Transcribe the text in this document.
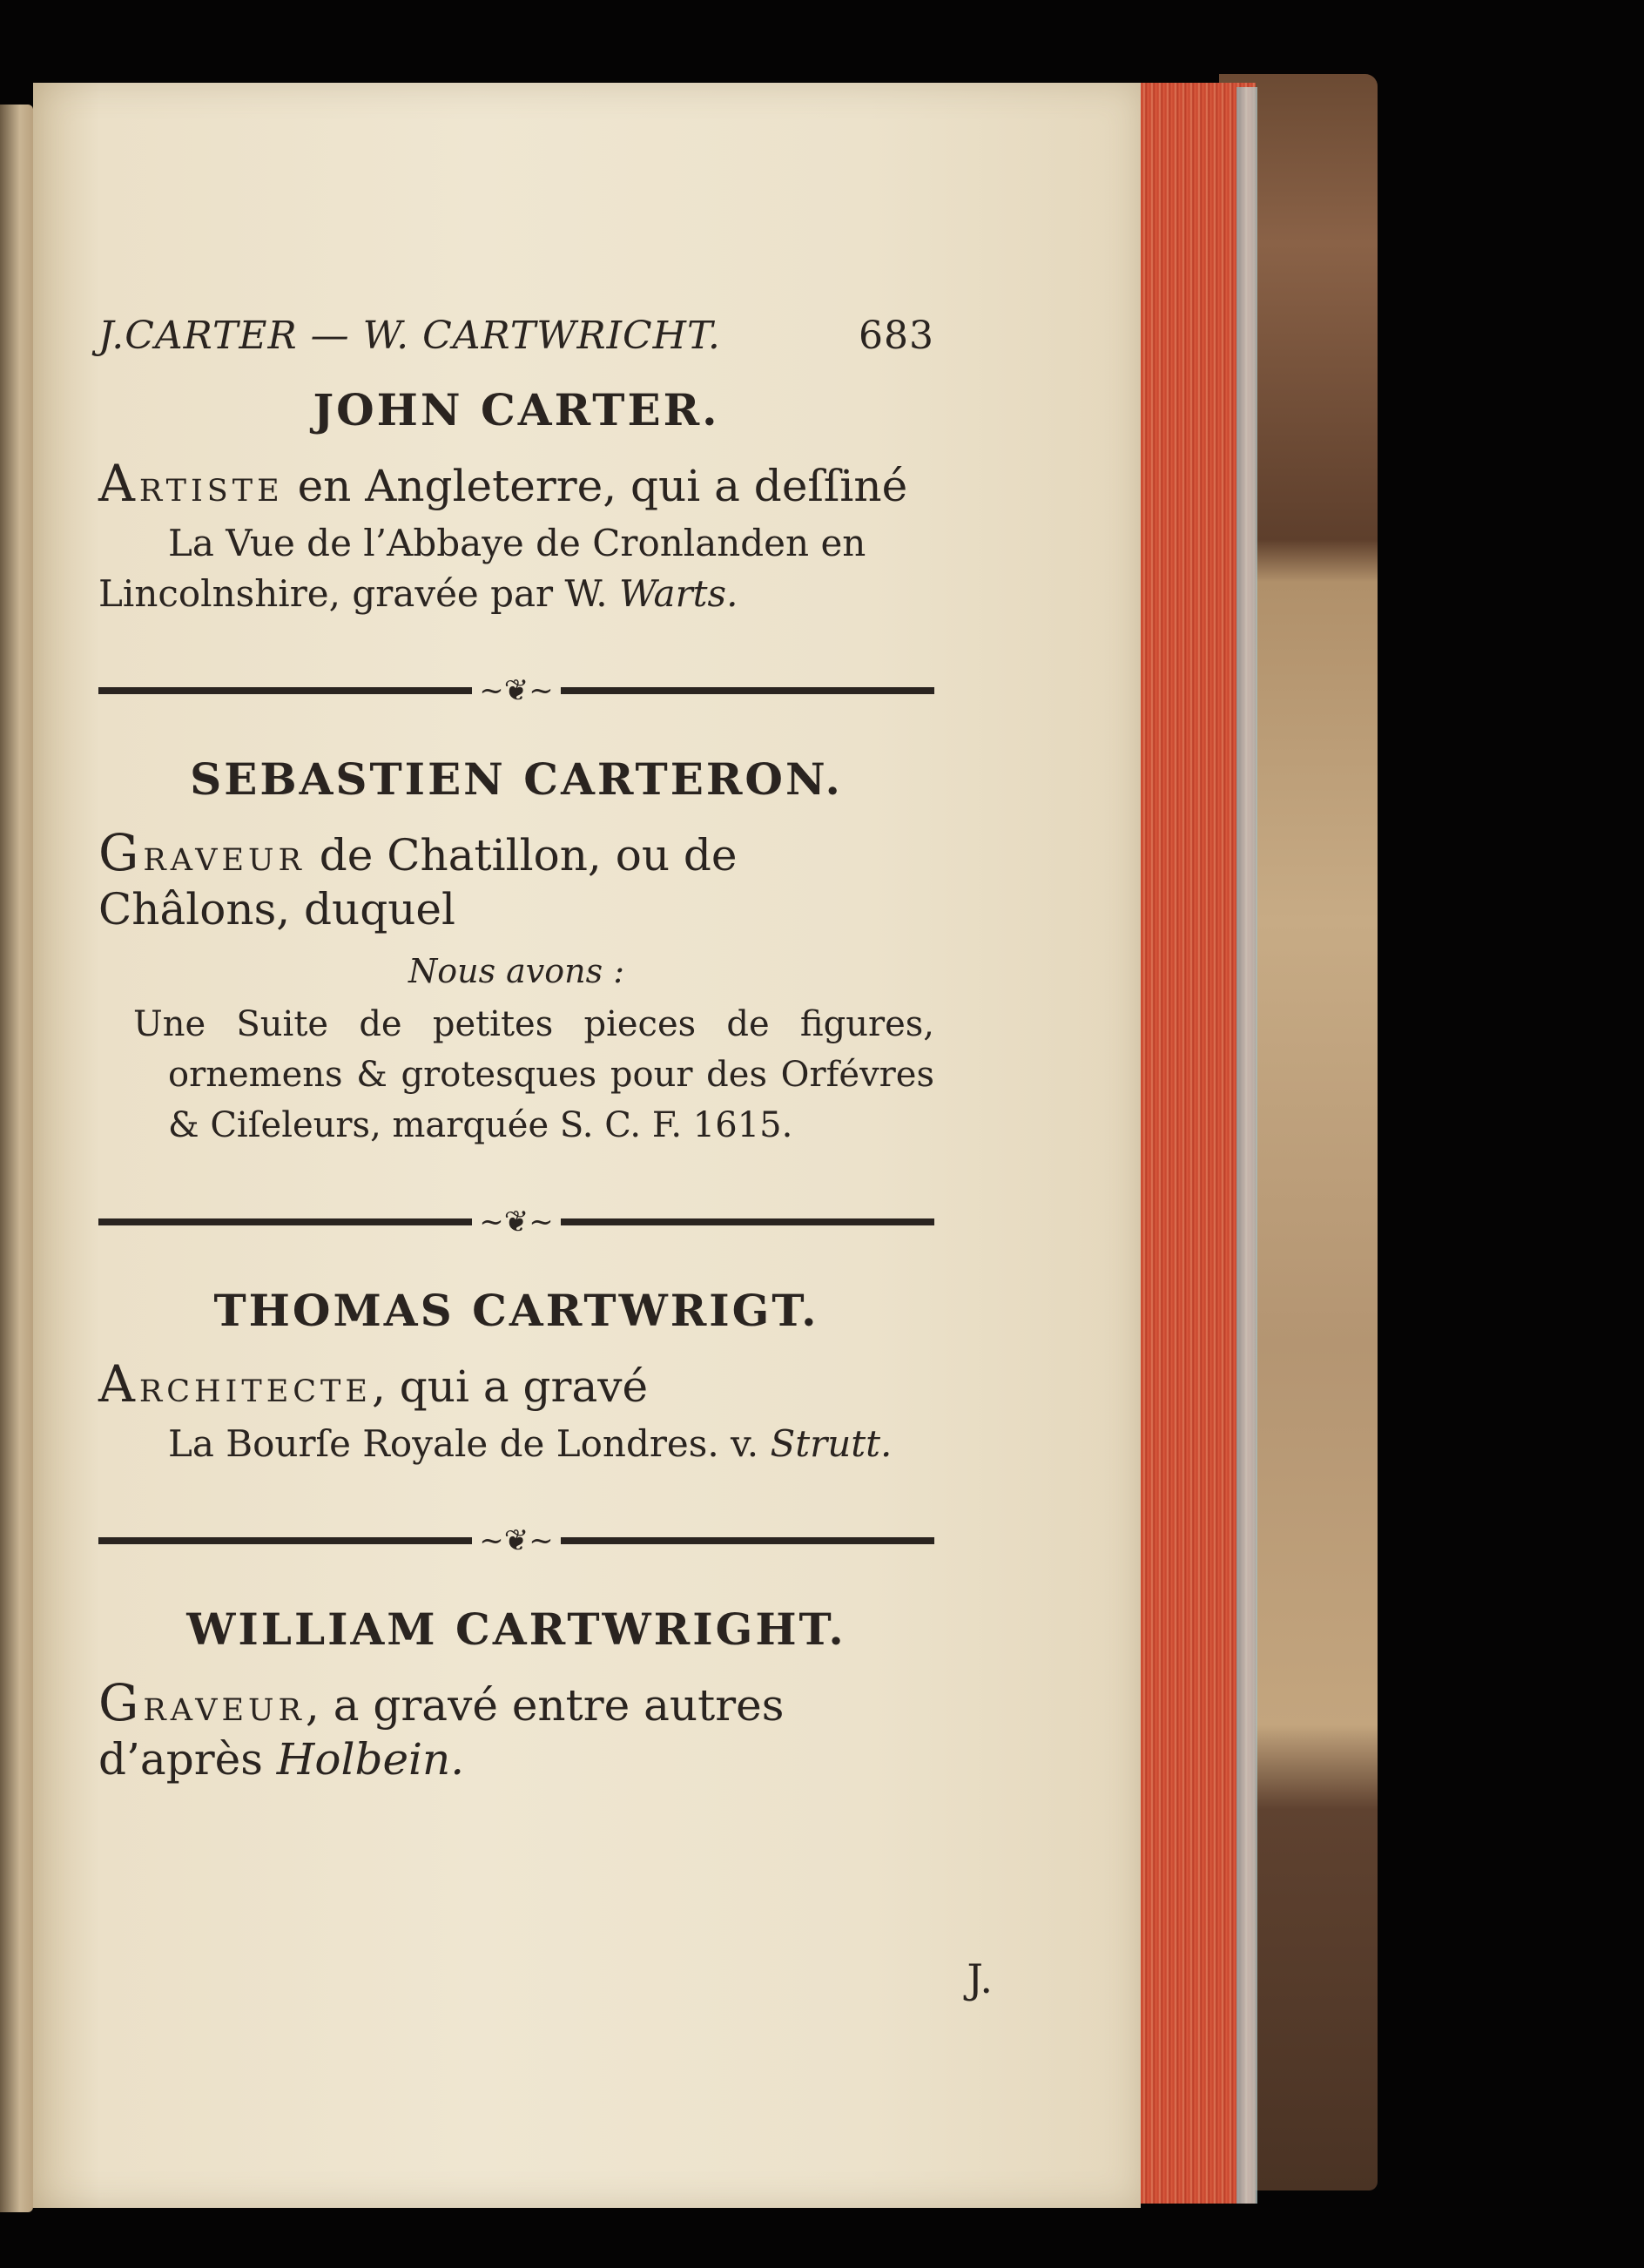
J.CARTER — W. CARTWRICHT.	683
JOHN CARTER.

Artiste en Angleterre, qui a deſſiné

La Vue de l’Abbaye de Cronlanden en Lincolnshire, gravée par W. Warts.

~❦~
SEBASTIEN CARTERON.

Graveur de Chatillon, ou de Châlons, duquel

Nous avons :

Une Suite de petites pieces de figures, ornemens & grotesques pour des Orfévres & Ciſeleurs, marquée S. C. F. 1615.

~❦~
THOMAS CARTWRIGT.

Architecte, qui a gravé

La Bourſe Royale de Londres. v. Strutt.

~❦~
WILLIAM CARTWRIGHT.

Graveur, a gravé entre autres d’après Holbein.

J.
